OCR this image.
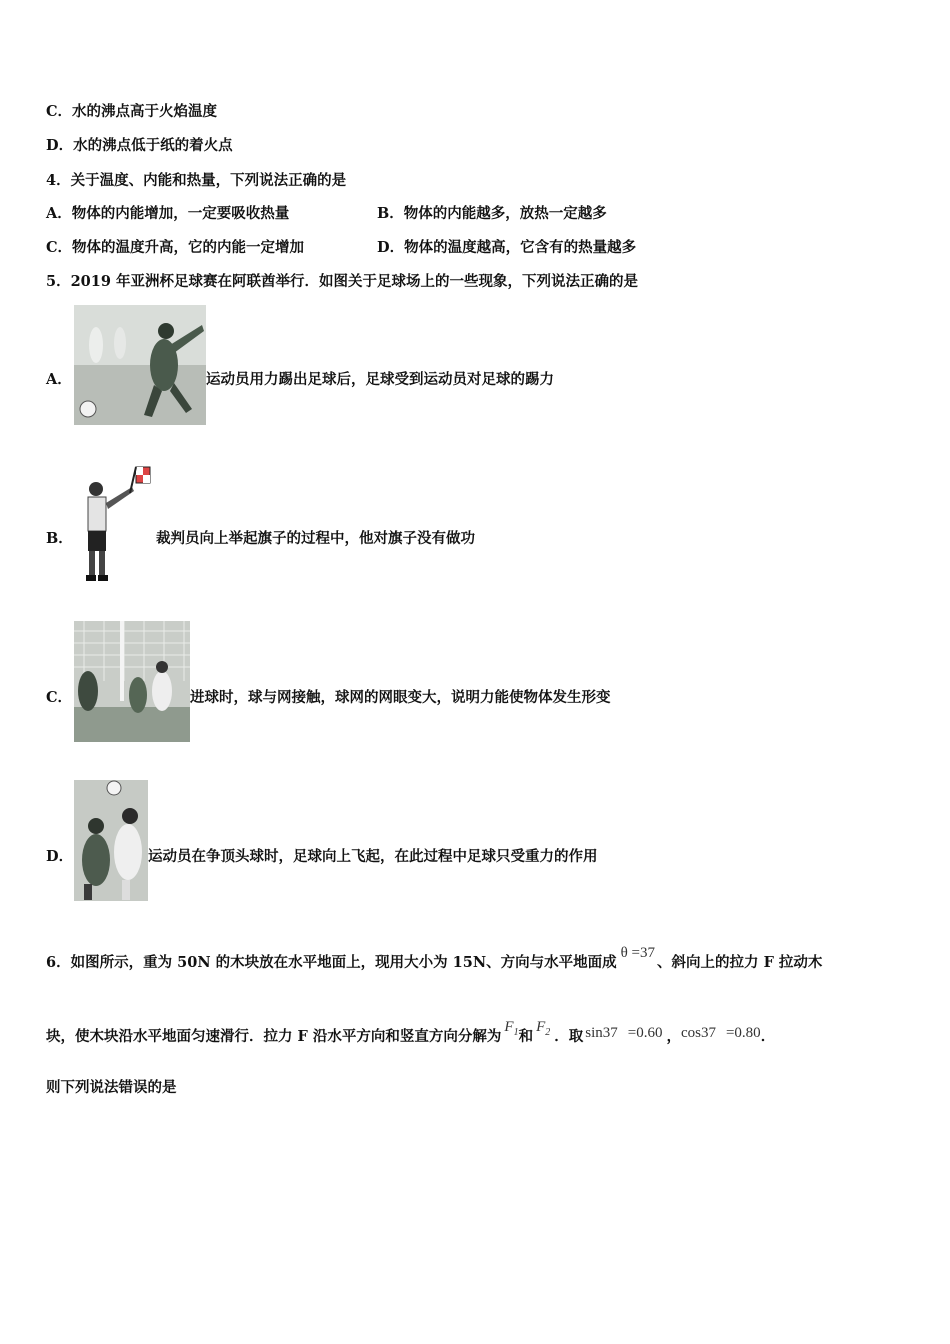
C．水的沸点高于火焰温度
D．水的沸点低于纸的着火点
4．关于温度、内能和热量，下列说法正确的是
A．物体的内能增加，一定要吸收热量	B．物体的内能越多，放热一定越多
C．物体的温度升高，它的内能一定增加	D．物体的温度越高，它含有的热量越多
5．2019 年亚洲杯足球赛在阿联酋举行．如图关于足球场上的一些现象，下列说法正确的是
A．	运动员用力踢出足球后，足球受到运动员对足球的踢力
B．	裁判员向上举起旗子的过程中，他对旗子没有做功
C．	进球时，球与网接触，球网的网眼变大，说明力能使物体发生形变
D．	运动员在争顶头球时，足球向上飞起，在此过程中足球只受重力的作用
6．如图所示，重为 50N 的木块放在水平地面上，现用大小为 15N、方向与水平地面成θ =37、斜向上的拉力 F 拉动木
块，使木块沿水平地面匀速滑行．拉力 F 沿水平方向和竖直方向分解为$F_1$和$F_2$ ．取 sin37 =0.60 ，cos37 =0.80．
则下列说法错误的是
